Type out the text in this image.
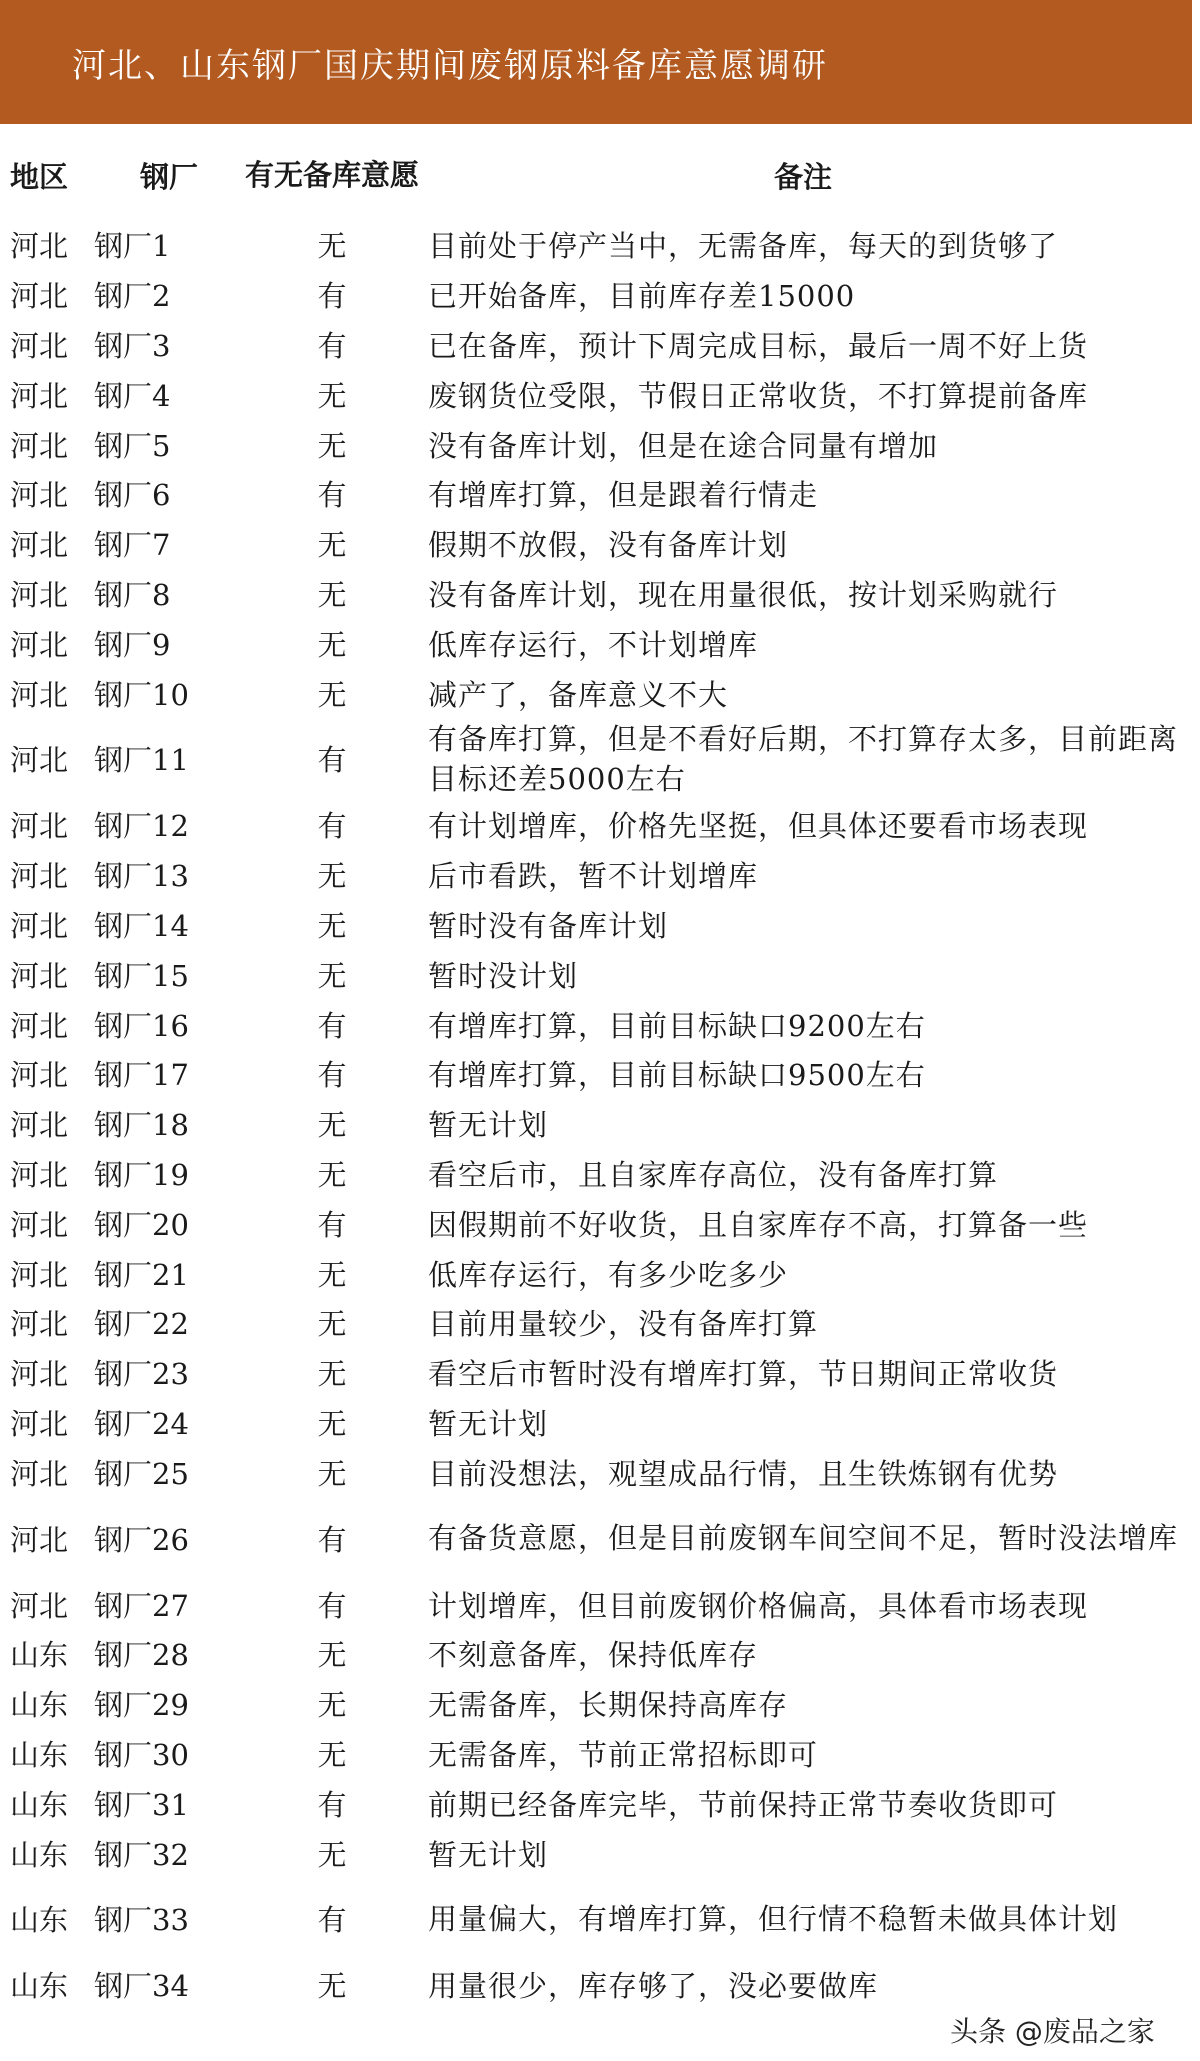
河北、山东钢厂国庆期间废钢原料备库意愿调研
地区	钢厂	有无备库意愿	备注
河北	钢厂1	无	目前处于停产当中，无需备库，每天的到货够了
河北	钢厂2	有	已开始备库，目前库存差15000
河北	钢厂3	有	已在备库，预计下周完成目标，最后一周不好上货
河北	钢厂4	无	废钢货位受限，节假日正常收货，不打算提前备库
河北	钢厂5	无	没有备库计划，但是在途合同量有增加
河北	钢厂6	有	有增库打算，但是跟着行情走
河北	钢厂7	无	假期不放假，没有备库计划
河北	钢厂8	无	没有备库计划，现在用量很低，按计划采购就行
河北	钢厂9	无	低库存运行，不计划增库
河北	钢厂10	无	减产了，备库意义不大
河北	钢厂11	有	有备库打算，但是不看好后期，不打算存太多，目前距离目标还差5000左右
河北	钢厂12	有	有计划增库，价格先坚挺，但具体还要看市场表现
河北	钢厂13	无	后市看跌，暂不计划增库
河北	钢厂14	无	暂时没有备库计划
河北	钢厂15	无	暂时没计划
河北	钢厂16	有	有增库打算，目前目标缺口9200左右
河北	钢厂17	有	有增库打算，目前目标缺口9500左右
河北	钢厂18	无	暂无计划
河北	钢厂19	无	看空后市，且自家库存高位，没有备库打算
河北	钢厂20	有	因假期前不好收货，且自家库存不高，打算备一些
河北	钢厂21	无	低库存运行，有多少吃多少
河北	钢厂22	无	目前用量较少，没有备库打算
河北	钢厂23	无	看空后市暂时没有增库打算，节日期间正常收货
河北	钢厂24	无	暂无计划
河北	钢厂25	无	目前没想法，观望成品行情，且生铁炼钢有优势
河北	钢厂26	有	有备货意愿，但是目前废钢车间空间不足，暂时没法增库
河北	钢厂27	有	计划增库，但目前废钢价格偏高，具体看市场表现
山东	钢厂28	无	不刻意备库，保持低库存
山东	钢厂29	无	无需备库，长期保持高库存
山东	钢厂30	无	无需备库，节前正常招标即可
山东	钢厂31	有	前期已经备库完毕，节前保持正常节奏收货即可
山东	钢厂32	无	暂无计划
山东	钢厂33	有	用量偏大，有增库打算，但行情不稳暂未做具体计划
山东	钢厂34	无	用量很少，库存够了，没必要做库
头条 @废品之家
